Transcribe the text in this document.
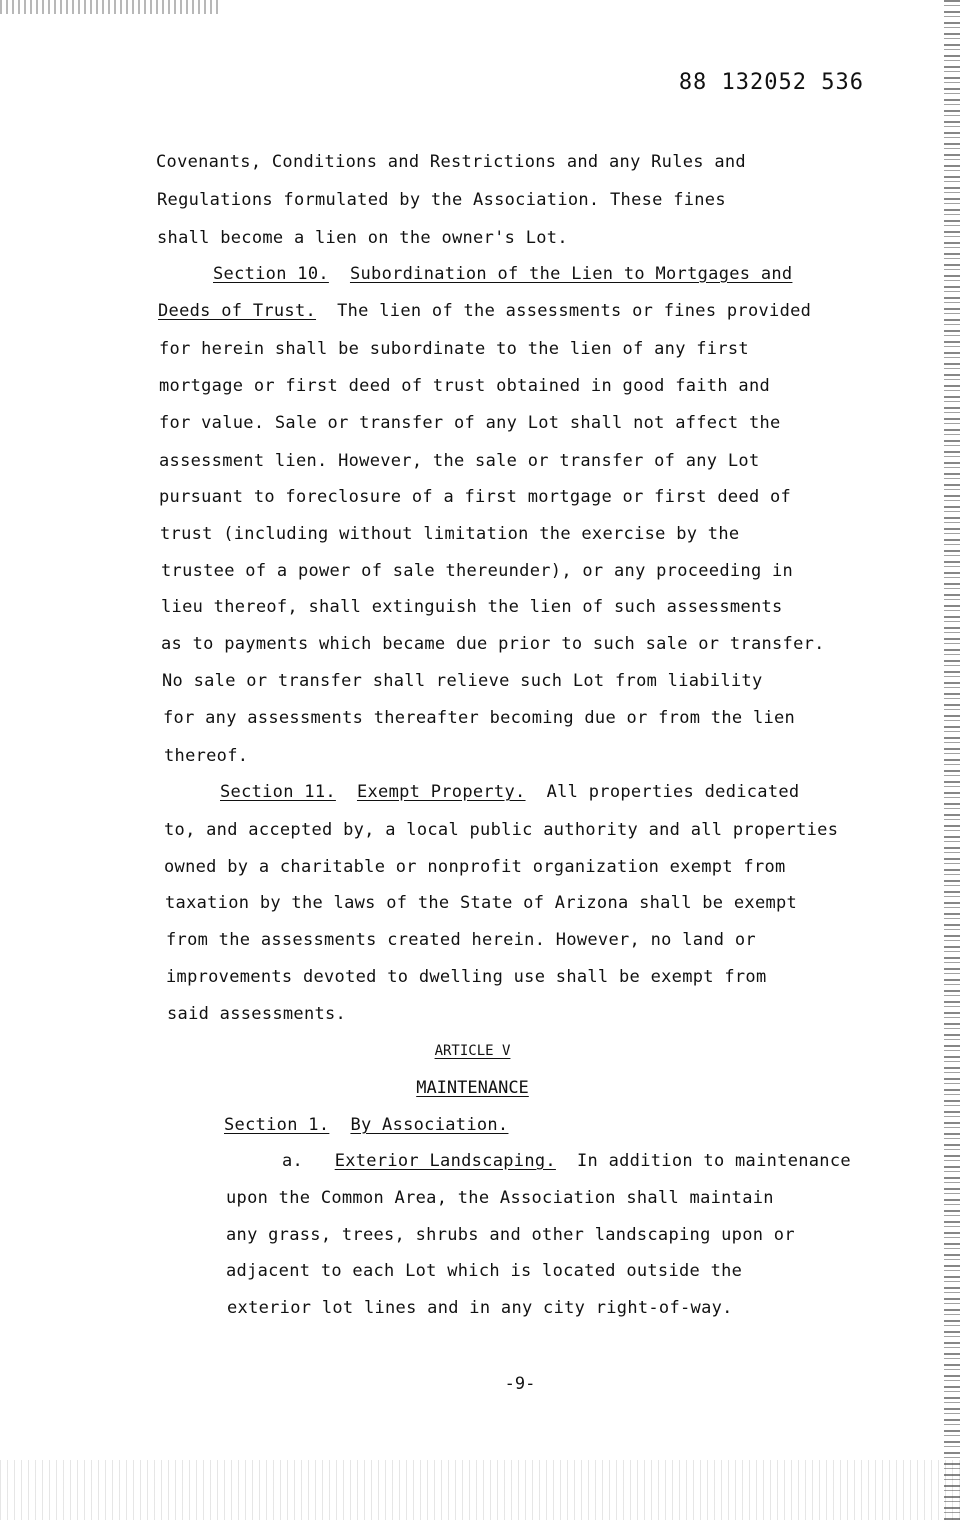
88 132052 536
Covenants, Conditions and Restrictions and any Rules and
Regulations formulated by the Association. These fines
shall become a lien on the owner's Lot.
Section 10. Subordination of the Lien to Mortgages and
Deeds of Trust. The lien of the assessments or fines provided
for herein shall be subordinate to the lien of any first
mortgage or first deed of trust obtained in good faith and
for value. Sale or transfer of any Lot shall not affect the
assessment lien. However, the sale or transfer of any Lot
pursuant to foreclosure of a first mortgage or first deed of
trust (including without limitation the exercise by the
trustee of a power of sale thereunder), or any proceeding in
lieu thereof, shall extinguish the lien of such assessments
as to payments which became due prior to such sale or transfer.
No sale or transfer shall relieve such Lot from liability
for any assessments thereafter becoming due or from the lien
thereof.
Section 11. Exempt Property. All properties dedicated
to, and accepted by, a local public authority and all properties
owned by a charitable or nonprofit organization exempt from
taxation by the laws of the State of Arizona shall be exempt
from the assessments created herein. However, no land or
improvements devoted to dwelling use shall be exempt from
said assessments.
ARTICLE V
MAINTENANCE
Section 1. By Association.
a. Exterior Landscaping. In addition to maintenance
upon the Common Area, the Association shall maintain
any grass, trees, shrubs and other landscaping upon or
adjacent to each Lot which is located outside the
exterior lot lines and in any city right-of-way.
-9-
